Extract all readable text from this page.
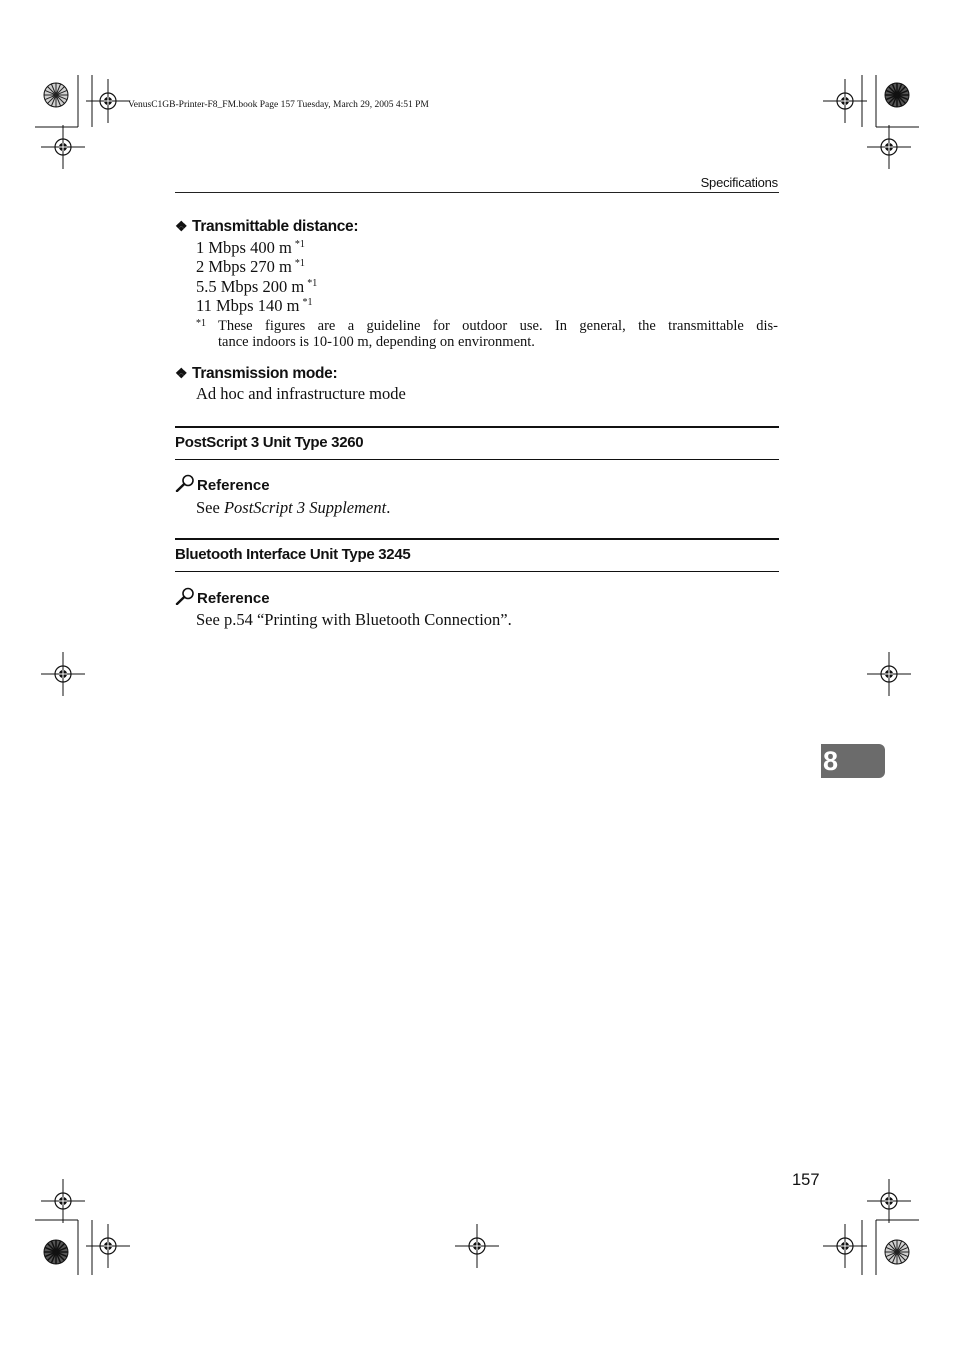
VenusC1GB-Printer-F8_FM.book Page 157 Tuesday, March 29, 2005 4:51 PM
Specifications
❖ Transmittable distance:
1 Mbps 400 m $^{*1}$
2 Mbps 270 m $^{*1}$
5.5 Mbps 200 m $^{*1}$
11 Mbps 140 m $^{*1}$
*1 These figures are a guideline for outdoor use. In general, the transmittable dis-
tance indoors is 10-100 m, depending on environment.
❖ Transmission mode:
Ad hoc and infrastructure mode
PostScript 3 Unit Type 3260
Reference
See PostScript 3 Supplement.
Bluetooth Interface Unit Type 3245
Reference
See p.54 “Printing with Bluetooth Connection”.
8
157
